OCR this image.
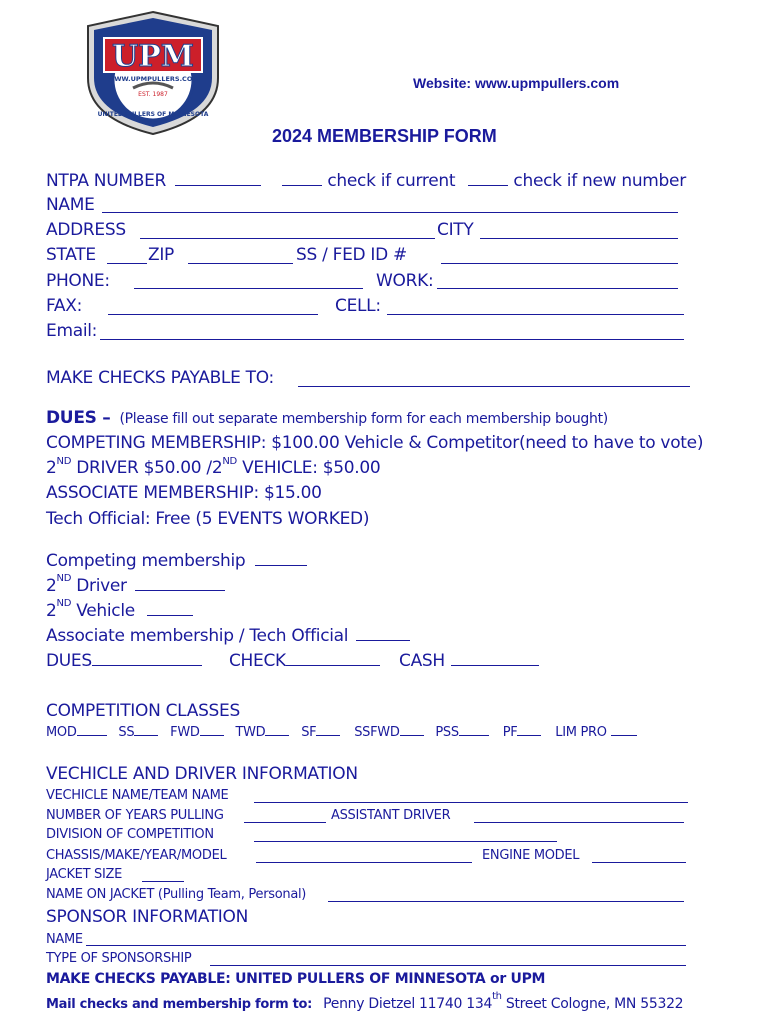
UPM
WWW.UPMPULLERS.COM
EST. 1987
UNITED PULLERS OF MINNESOTA
Website: www.upmpullers.com
2024 MEMBERSHIP FORM
NTPA NUMBER	check if current	check if new number
NAME
ADDRESS	CITY
STATE	ZIP	SS / FED ID #
PHONE:	WORK:
FAX:	CELL:
Email:
MAKE CHECKS PAYABLE TO:
DUES – (Please fill out separate membership form for each membership bought)
COMPETING MEMBERSHIP: $100.00 Vehicle & Competitor(need to have to vote)
2ND DRIVER $50.00 /2ND VEHICLE: $50.00
ASSOCIATE MEMBERSHIP: $15.00
Tech Official: Free (5 EVENTS WORKED)
Competing membership
2ND Driver
2ND Vehicle
Associate membership / Tech Official
DUES	CHECK	CASH
COMPETITION CLASSES
MOD	SS	FWD	TWD	SF	SSFWD	PSS	PF	LIM PRO
VECHICLE AND DRIVER INFORMATION
VECHICLE NAME/TEAM NAME
NUMBER OF YEARS PULLING	ASSISTANT DRIVER
DIVISION OF COMPETITION
CHASSIS/MAKE/YEAR/MODEL	ENGINE MODEL
JACKET SIZE
NAME ON JACKET (Pulling Team, Personal)
SPONSOR INFORMATION
NAME
TYPE OF SPONSORSHIP
MAKE CHECKS PAYABLE: UNITED PULLERS OF MINNESOTA or UPM
Mail checks and membership form to: Penny Dietzel 11740 134th Street Cologne, MN 55322
